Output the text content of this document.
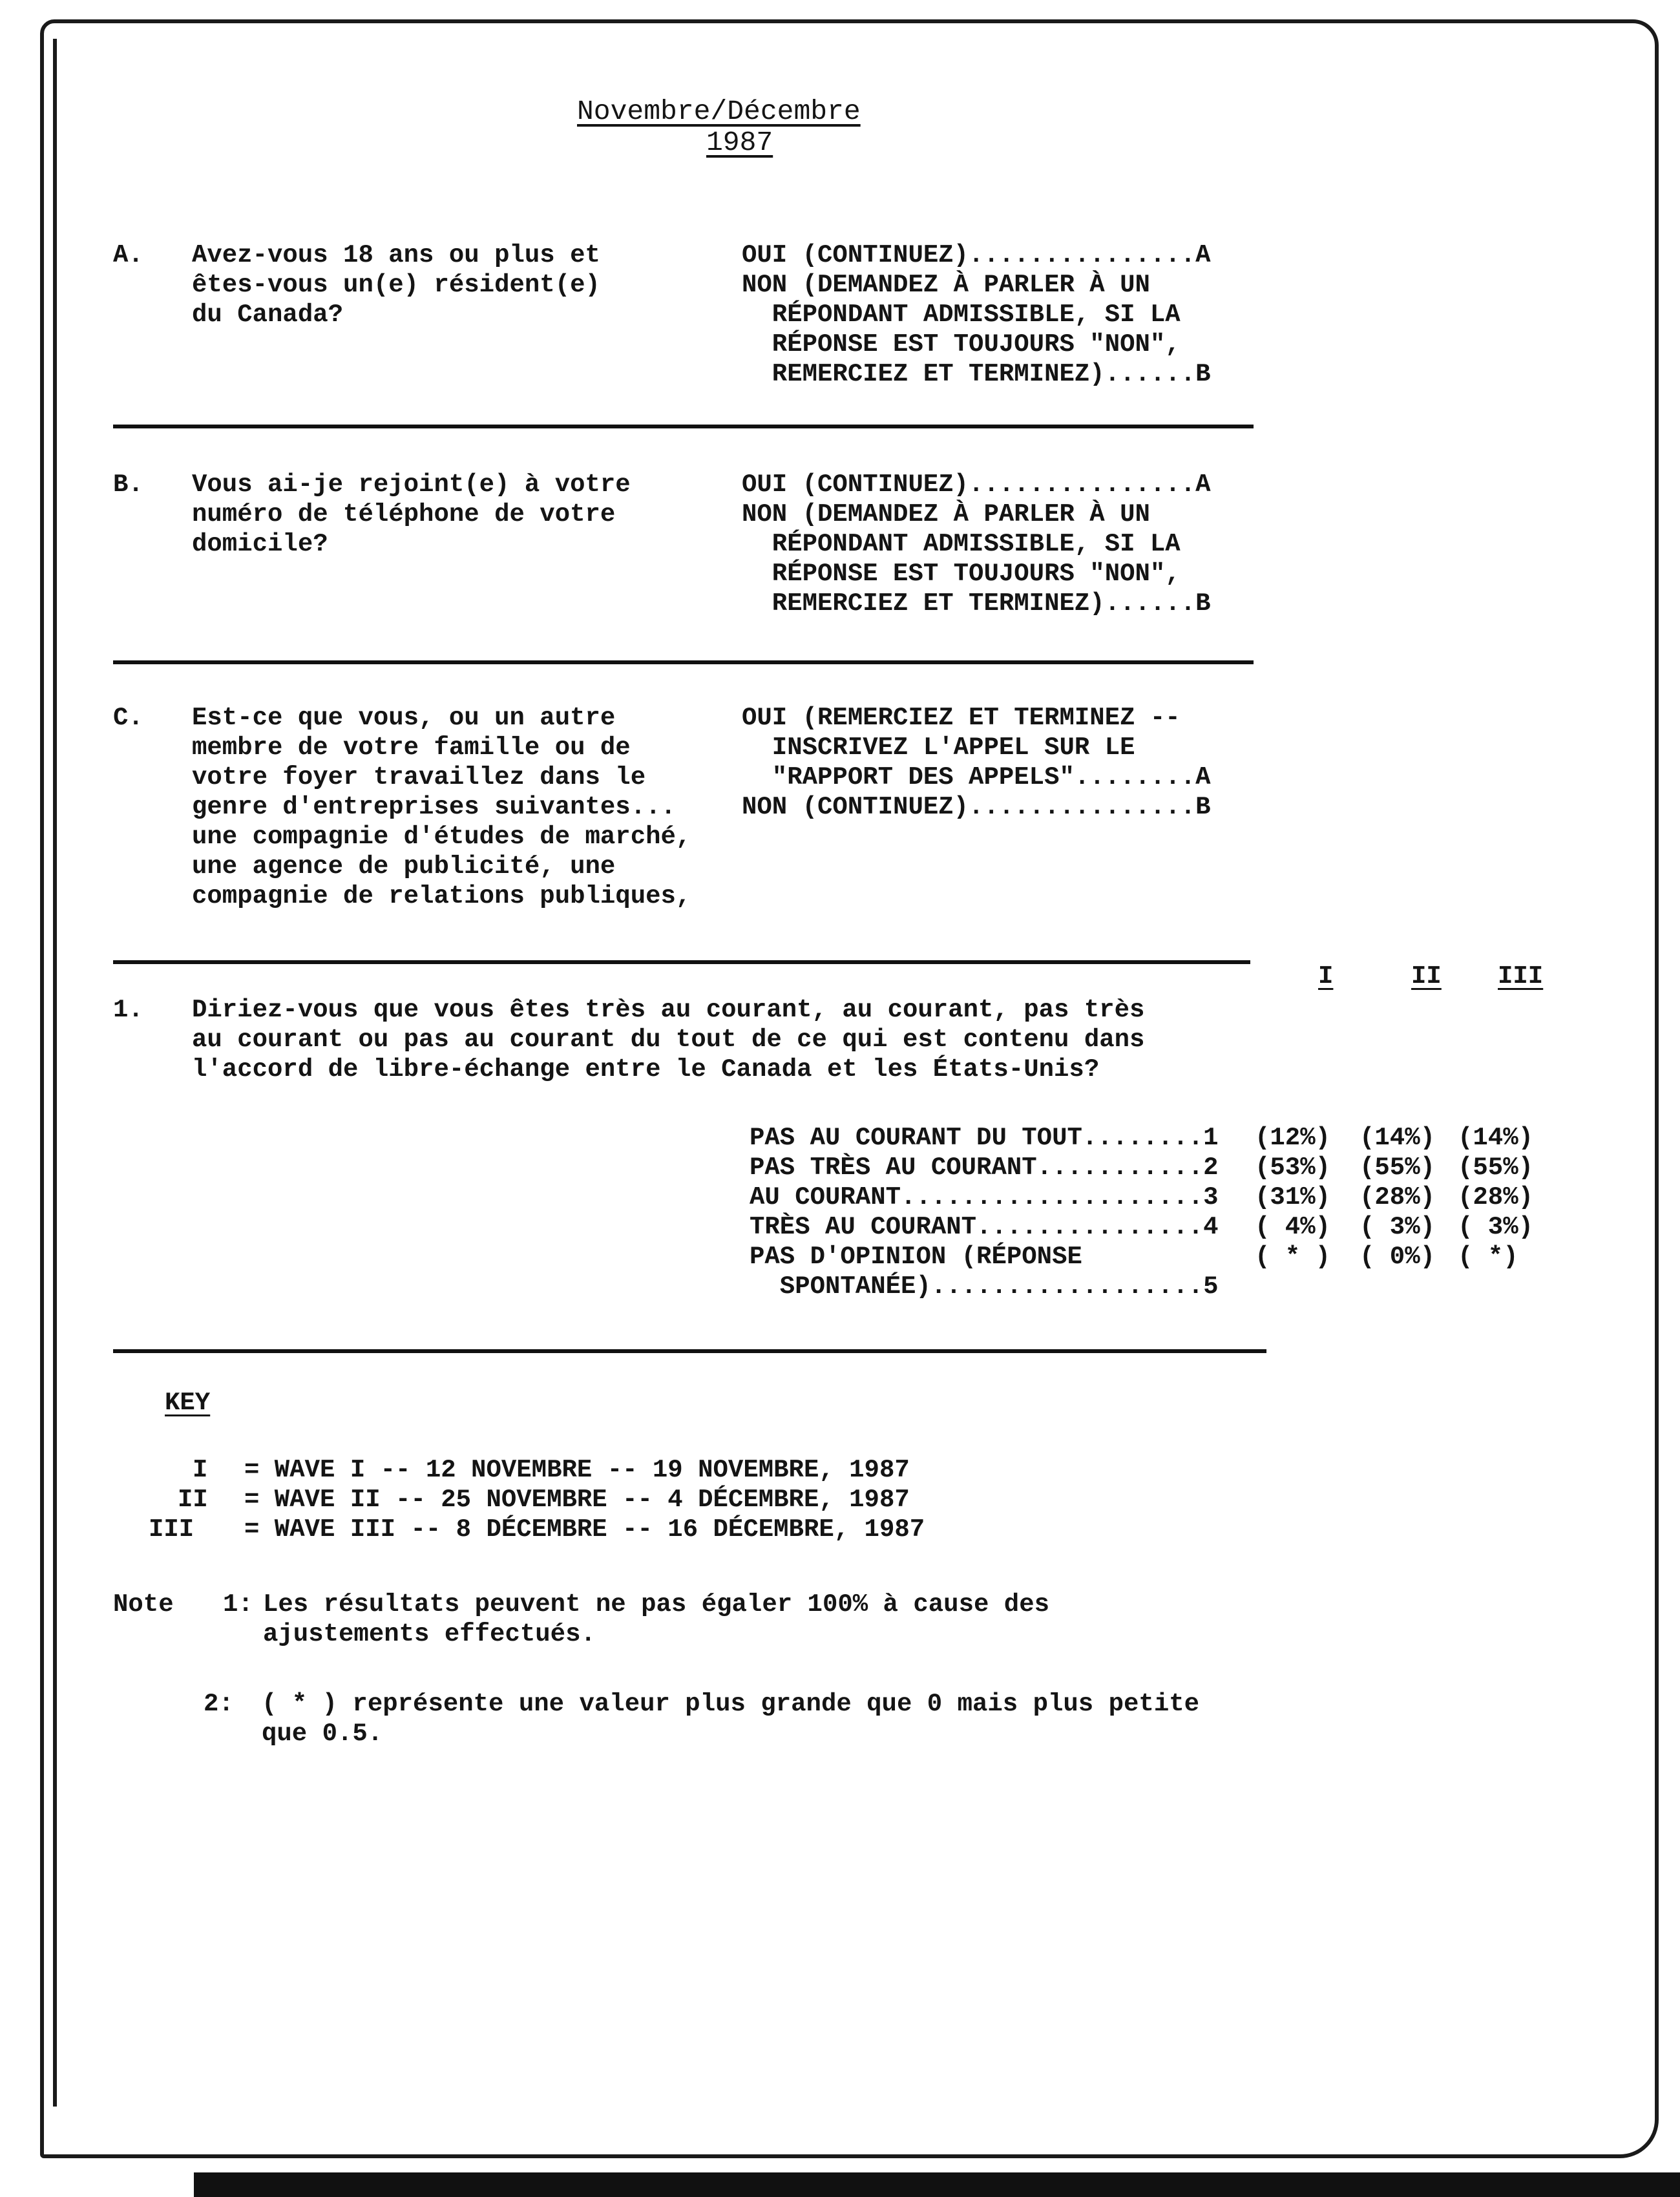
Novembre/Décembre
1987
A. Avez-vous 18 ans ou plus et
êtes-vous un(e) résident(e)
du Canada?
OUI (CONTINUEZ)...............A
NON (DEMANDEZ À PARLER À UN
RÉPONDANT ADMISSIBLE, SI LA
RÉPONSE EST TOUJOURS "NON",
REMERCIEZ ET TERMINEZ)......B
B. Vous ai-je rejoint(e) à votre
numéro de téléphone de votre
domicile?
OUI (CONTINUEZ)...............A
NON (DEMANDEZ À PARLER À UN
RÉPONDANT ADMISSIBLE, SI LA
RÉPONSE EST TOUJOURS "NON",
REMERCIEZ ET TERMINEZ)......B
C. Est-ce que vous, ou un autre
membre de votre famille ou de
votre foyer travaillez dans le
genre d'entreprises suivantes...
une compagnie d'études de marché,
une agence de publicité, une
compagnie de relations publiques,
OUI (REMERCIEZ ET TERMINEZ --
INSCRIVEZ L'APPEL SUR LE
"RAPPORT DES APPELS"........A
NON (CONTINUEZ)...............B
I	II III
1. Diriez-vous que vous êtes très au courant, au courant, pas très
au courant ou pas au courant du tout de ce qui est contenu dans
l'accord de libre-échange entre le Canada et les États-Unis?
PAS AU COURANT DU TOUT........1 (12%) (14%) (14%)
PAS TRÈS AU COURANT...........2 (53%) (55%) (55%)
AU COURANT....................3 (31%) (28%) (28%)
TRÈS AU COURANT...............4 ( 4%) ( 3%) ( 3%)
PAS D'OPINION (RÉPONSE	( * ) ( 0%) ( *)
SPONTANÉE)..................5
KEY
I = WAVE I -- 12 NOVEMBRE -- 19 NOVEMBRE, 1987
II = WAVE II -- 25 NOVEMBRE -- 4 DÉCEMBRE, 1987
III = WAVE III -- 8 DÉCEMBRE -- 16 DÉCEMBRE, 1987
Note 1: Les résultats peuvent ne pas égaler 100% à cause des
ajustements effectués.
2: ( * ) représente une valeur plus grande que 0 mais plus petite
que 0.5.
